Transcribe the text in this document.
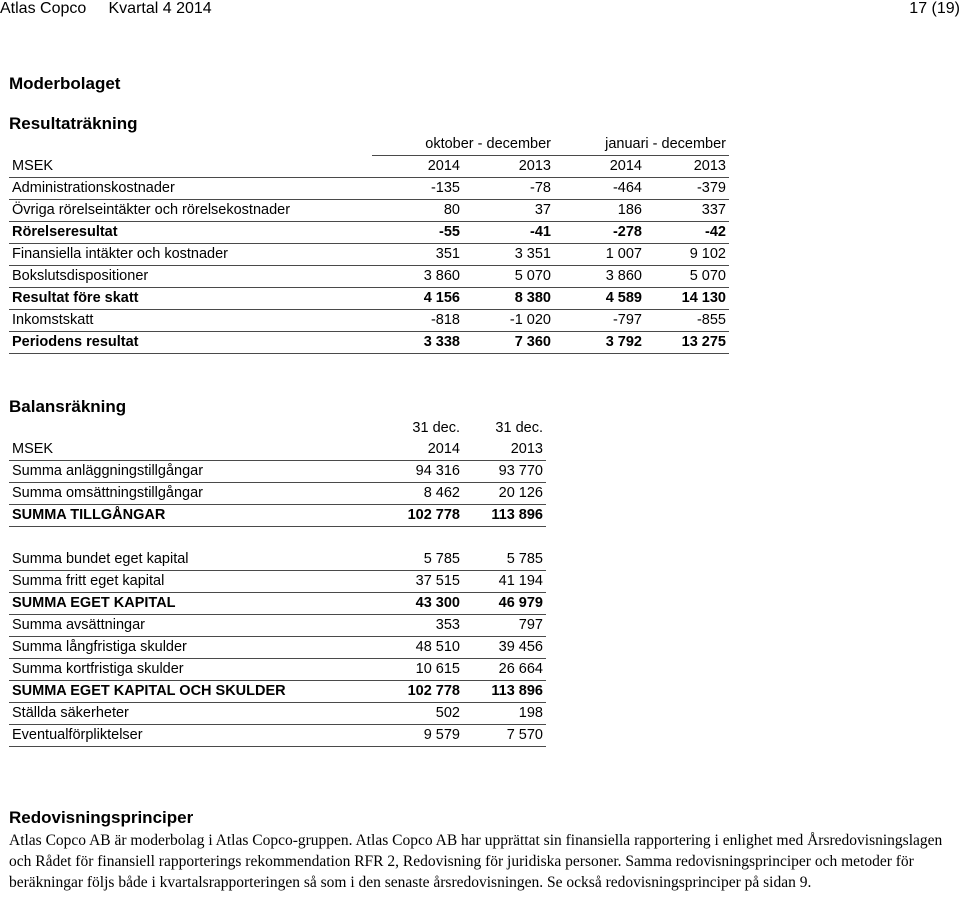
Atlas Copco     Kvartal 4 2014	17 (19)
Moderbolaget
Resultaträkning
	oktober - december		januari - december	
MSEK	2014	2013	2014	2013
Administrationskostnader	-135	-78	-464	-379
Övriga rörelseintäkter och rörelsekostnader	80	37	186	337
Rörelseresultat	-55	-41	-278	-42
Finansiella intäkter och kostnader	351	3 351	1 007	9 102
Bokslutsdispositioner	3 860	5 070	3 860	5 070
Resultat före skatt	4 156	8 380	4 589	14 130
Inkomstskatt	-818	-1 020	-797	-855
Periodens resultat	3 338	7 360	3 792	13 275
Balansräkning
	31 dec.	31 dec.
MSEK	2014	2013
Summa anläggningstillgångar	94 316	93 770
Summa omsättningstillgångar	8 462	20 126
SUMMA TILLGÅNGAR	102 778	113 896

Summa bundet eget kapital	5 785	5 785
Summa fritt eget kapital	37 515	41 194
SUMMA EGET KAPITAL	43 300	46 979
Summa avsättningar	353	797
Summa långfristiga skulder	48 510	39 456
Summa kortfristiga skulder	10 615	26 664
SUMMA EGET KAPITAL OCH SKULDER	102 778	113 896
Ställda säkerheter	502	198
Eventualförpliktelser	9 579	7 570
Redovisningsprinciper
Atlas Copco AB är moderbolag i Atlas Copco-gruppen. Atlas Copco AB har upprättat sin finansiella rapportering i enlighet med Årsredovisningslagen och Rådet för finansiell rapporterings rekommendation RFR 2, Redovisning för juridiska personer. Samma redovisningsprinciper och metoder för beräkningar följs både i kvartalsrapporteringen så som i den senaste årsredovisningen. Se också redovisningsprinciper på sidan 9.
